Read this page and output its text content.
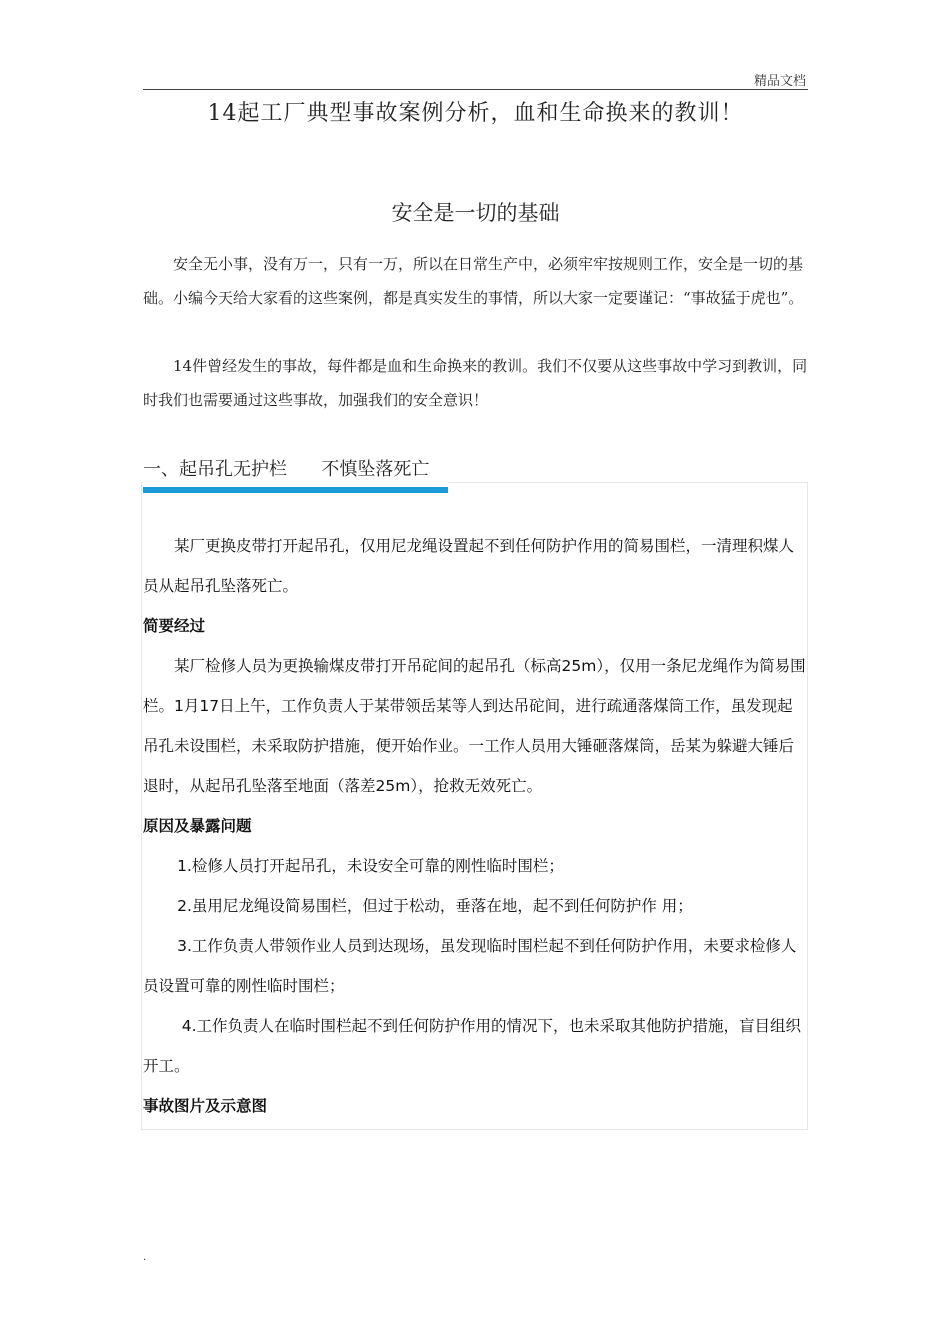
精品文档
14起工厂典型事故案例分析，血和生命换来的教训！
安全是一切的基础

安全无小事，没有万一，只有一万，所以在日常生产中，必须牢牢按规则工作，安全是一切的基础。小编今天给大家看的这些案例，都是真实发生的事情，所以大家一定要谨记：“事故猛于虎也”。

14件曾经发生的事故，每件都是血和生命换来的教训。我们不仅要从这些事故中学习到教训，同时我们也需要通过这些事故，加强我们的安全意识！

一、起吊孔无护栏      不慎坠落死亡

某厂更换皮带打开起吊孔，仅用尼龙绳设置起不到任何防护作用的简易围栏，一清理积煤人员从起吊孔坠落死亡。

简要经过

某厂检修人员为更换输煤皮带打开吊砣间的起吊孔（标高25m），仅用一条尼龙绳作为简易围栏。1月17日上午，工作负责人于某带领岳某等人到达吊砣间，进行疏通落煤筒工作，虽发现起吊孔未设围栏，未采取防护措施，便开始作业。一工作人员用大锤砸落煤筒，岳某为躲避大锤后退时，从起吊孔坠落至地面（落差25m），抢救无效死亡。

原因及暴露问题

1.检修人员打开起吊孔，未设安全可靠的刚性临时围栏；

2.虽用尼龙绳设简易围栏，但过于松动，垂落在地，起不到任何防护作 用；

3.工作负责人带领作业人员到达现场，虽发现临时围栏起不到任何防护作用，未要求检修人员设置可靠的刚性临时围栏；

4.工作负责人在临时围栏起不到任何防护作用的情况下，也未采取其他防护措施，盲目组织开工。

事故图片及示意图

.
